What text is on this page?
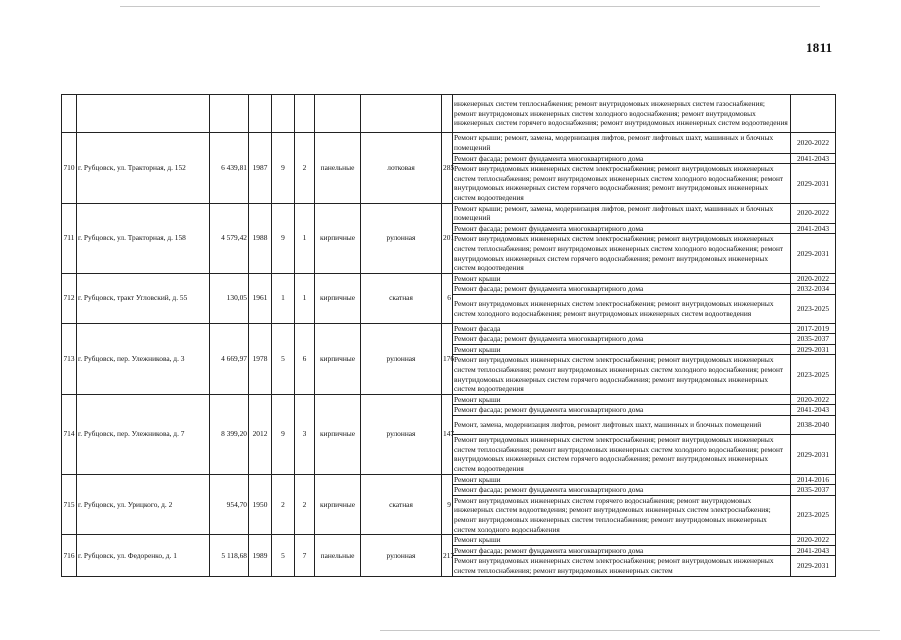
1811
									инженерных систем теплоснабжения; ремонт внутридомовых инженерных систем газоснабжения; ремонт внутридомовых инженерных систем холодного водоснабжения; ремонт внутридомовых инженерных систем горячего водоснабжения; ремонт внутридомовых инженерных систем водоотведения	
710	г. Рубцовск, ул. Тракторная, д. 152	6 439,81	1987	9	2	панельные	лотковая	285	Ремонт крыши; ремонт, замена, модернизация лифтов, ремонт лифтовых шахт, машинных и блочных помещений	2020-2022
									Ремонт фасада; ремонт фундамента многоквартирного дома	2041-2043
									Ремонт внутридомовых инженерных систем электроснабжения; ремонт внутридомовых инженерных систем теплоснабжения; ремонт внутридомовых инженерных систем холодного водоснабжения; ремонт внутридомовых инженерных систем горячего водоснабжения; ремонт внутридомовых инженерных систем водоотведения	2029-2031
711	г. Рубцовск, ул. Тракторная, д. 158	4 579,42	1988	9	1	кирпичные	рулонная	201	Ремонт крыши; ремонт, замена, модернизация лифтов, ремонт лифтовых шахт, машинных и блочных помещений	2020-2022
									Ремонт фасада; ремонт фундамента многоквартирного дома	2041-2043
									Ремонт внутридомовых инженерных систем электроснабжения; ремонт внутридомовых инженерных систем теплоснабжения; ремонт внутридомовых инженерных систем холодного водоснабжения; ремонт внутридомовых инженерных систем горячего водоснабжения; ремонт внутридомовых инженерных систем водоотведения	2029-2031
712	г. Рубцовск, тракт Угловский, д. 55	130,05	1961	1	1	кирпичные	скатная	6	Ремонт крыши	2020-2022
									Ремонт фасада; ремонт фундамента многоквартирного дома	2032-2034
									Ремонт внутридомовых инженерных систем электроснабжения; ремонт внутридомовых инженерных систем холодного водоснабжения; ремонт внутридомовых инженерных систем водоотведения	2023-2025
713	г. Рубцовск, пер. Улежникова, д. 3	4 669,97	1978	5	6	кирпичные	рулонная	176	Ремонт фасада	2017-2019
									Ремонт фасада; ремонт фундамента многоквартирного дома	2035-2037
									Ремонт крыши	2029-2031
									Ремонт внутридомовых инженерных систем электроснабжения; ремонт внутридомовых инженерных систем теплоснабжения; ремонт внутридомовых инженерных систем холодного водоснабжения; ремонт внутридомовых инженерных систем горячего водоснабжения; ремонт внутридомовых инженерных систем водоотведения	2023-2025
714	г. Рубцовск, пер. Улежникова, д. 7	8 399,20	2012	9	3	кирпичные	рулонная	147	Ремонт крыши	2020-2022
									Ремонт фасада; ремонт фундамента многоквартирного дома	2041-2043
									Ремонт, замена, модернизация лифтов, ремонт лифтовых шахт, машинных и блочных помещений	2038-2040
									Ремонт внутридомовых инженерных систем электроснабжения; ремонт внутридомовых инженерных систем теплоснабжения; ремонт внутридомовых инженерных систем холодного водоснабжения; ремонт внутридомовых инженерных систем горячего водоснабжения; ремонт внутридомовых инженерных систем водоотведения	2029-2031
715	г. Рубцовск, ул. Урицкого, д. 2	954,70	1950	2	2	кирпичные	скатная	9	Ремонт крыши	2014-2016
									Ремонт фасада; ремонт фундамента многоквартирного дома	2035-2037
									Ремонт внутридомовых инженерных систем горячего водоснабжения; ремонт внутридомовых инженерных систем водоотведения; ремонт внутридомовых инженерных систем электроснабжения; ремонт внутридомовых инженерных систем теплоснабжения; ремонт внутридомовых инженерных систем холодного водоснабжения	2023-2025
716	г. Рубцовск, ул. Федоренко, д. 1	5 118,68	1989	5	7	панельные	рулонная	217	Ремонт крыши	2020-2022
									Ремонт фасада; ремонт фундамента многоквартирного дома	2041-2043
									Ремонт внутридомовых инженерных систем электроснабжения; ремонт внутридомовых инженерных систем теплоснабжения; ремонт внутридомовых инженерных систем	2029-2031
